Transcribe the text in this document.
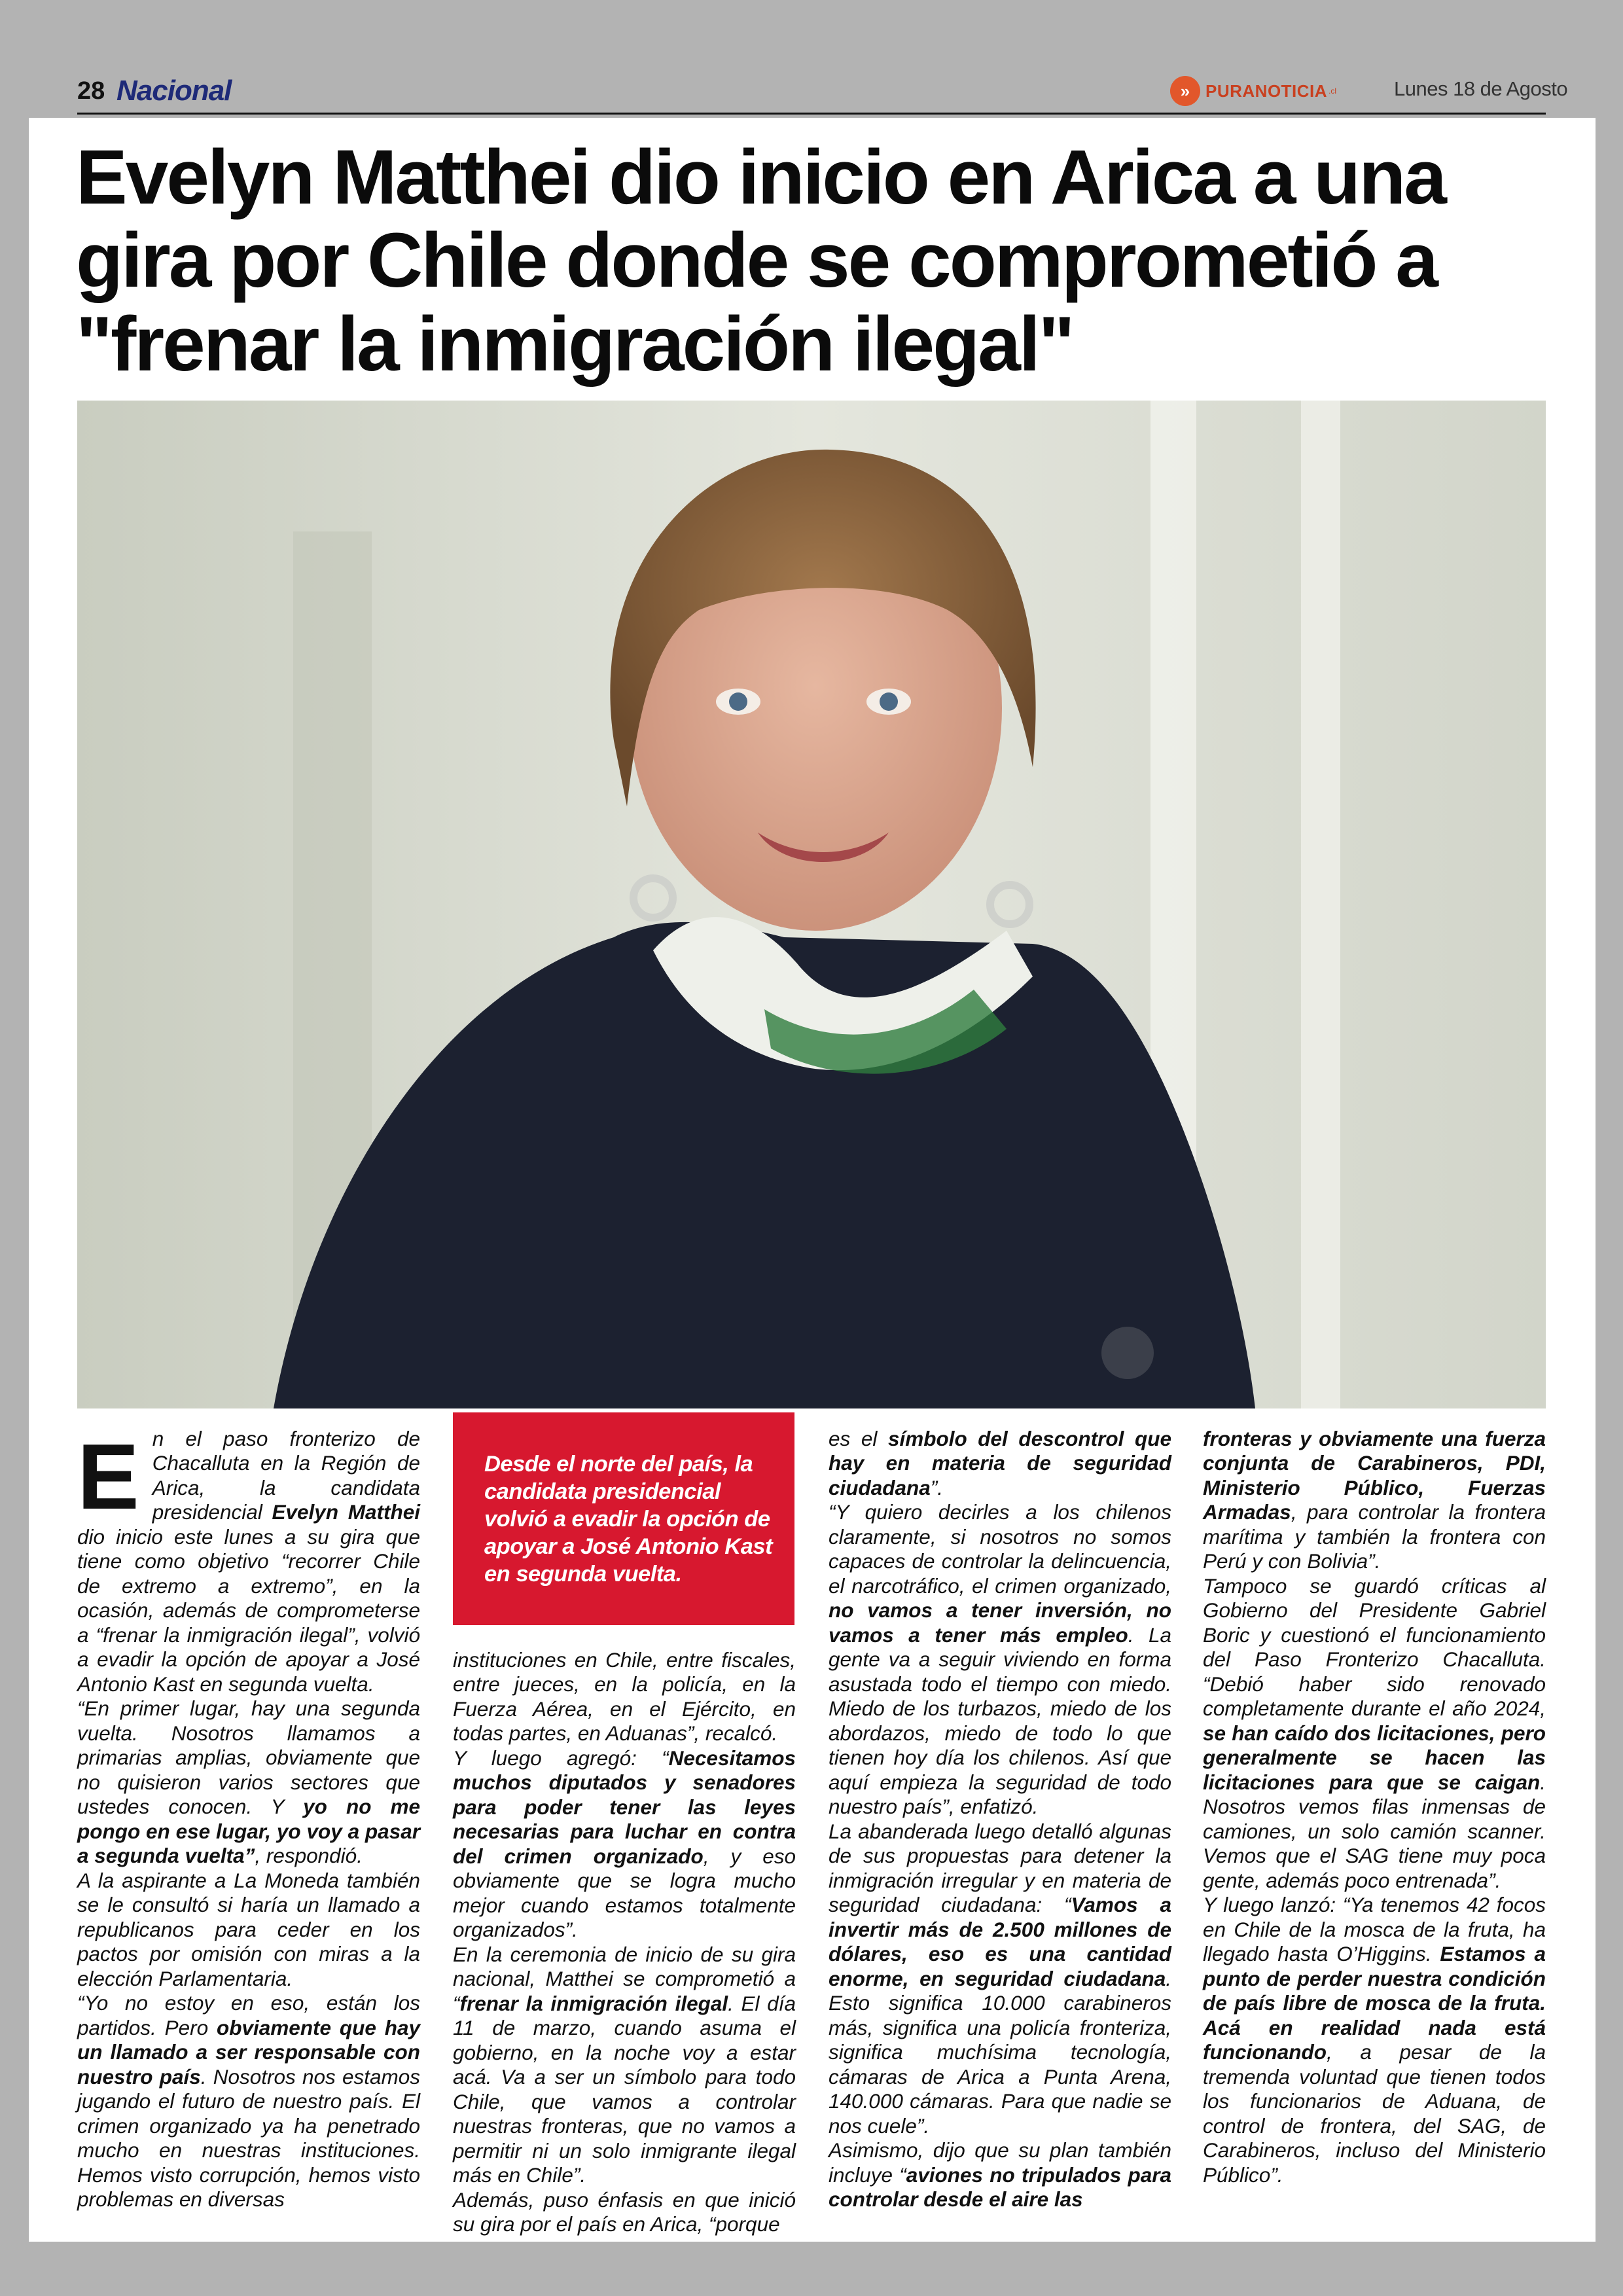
28 Nacional	» PURANOTICIA .cl	Lunes 18 de Agosto
Evelyn Matthei dio inicio en Arica a una gira por Chile donde se comprometió a "frenar la inmigración ilegal"
E n el paso fronterizo de Chacalluta en la Región de Arica, la candidata presidencial Evelyn Matthei dio inicio este lunes a su gira que tiene como objetivo “recorrer Chile de extremo a extremo”, en la ocasión, además de comprometerse a “frenar la inmigración ilegal”, volvió a evadir la opción de apoyar a José Antonio Kast en segunda vuelta.

“En primer lugar, hay una segunda vuelta. Nosotros llamamos a primarias amplias, obviamente que no quisieron varios sectores que ustedes conocen. Y yo no me pongo en ese lugar, yo voy a pasar a segunda vuelta”, respondió.

A la aspirante a La Moneda también se le consultó si haría un llamado a republicanos para ceder en los pactos por omisión con miras a la elección Parlamentaria.

“Yo no estoy en eso, están los partidos. Pero obviamente que hay un llamado a ser responsable con nuestro país. Nosotros nos estamos jugando el futuro de nuestro país. El crimen organizado ya ha penetrado mucho en nuestras instituciones. Hemos visto corrupción, hemos visto problemas en diversas

Desde el norte del país, la candidata presidencial volvió a evadir la opción de apoyar a José Antonio Kast en segunda vuelta.

instituciones en Chile, entre fiscales, entre jueces, en la policía, en la Fuerza Aérea, en el Ejército, en todas partes, en Aduanas”, recalcó.

Y luego agregó: “Necesitamos muchos diputados y senadores para poder tener las leyes necesarias para luchar en contra del crimen organizado, y eso obviamente que se logra mucho mejor cuando estamos totalmente organizados”.

En la ceremonia de inicio de su gira nacional, Matthei se comprometió a “frenar la inmigración ilegal. El día 11 de marzo, cuando asuma el gobierno, en la noche voy a estar acá. Va a ser un símbolo para todo Chile, que vamos a controlar nuestras fronteras, que no vamos a permitir ni un solo inmigrante ilegal más en Chile”.

Además, puso énfasis en que inició su gira por el país en Arica, “porque

es el símbolo del descontrol que hay en materia de seguridad ciudadana”.

“Y quiero decirles a los chilenos claramente, si nosotros no somos capaces de controlar la delincuencia, el narcotráfico, el crimen organizado, no vamos a tener inversión, no vamos a tener más empleo. La gente va a seguir viviendo en forma asustada todo el tiempo con miedo. Miedo de los turbazos, miedo de los abordazos, miedo de todo lo que tienen hoy día los chilenos. Así que aquí empieza la seguridad de todo nuestro país”, enfatizó.

La abanderada luego detalló algunas de sus propuestas para detener la inmigración irregular y en materia de seguridad ciudadana: “Vamos a invertir más de 2.500 millones de dólares, eso es una cantidad enorme, en seguridad ciudadana. Esto significa 10.000 carabineros más, significa una policía fronteriza, significa muchísima tecnología, cámaras de Arica a Punta Arena, 140.000 cámaras. Para que nadie se nos cuele”.

Asimismo, dijo que su plan también incluye “aviones no tripulados para controlar desde el aire las

fronteras y obviamente una fuerza conjunta de Carabineros, PDI, Ministerio Público, Fuerzas Armadas, para controlar la frontera marítima y también la frontera con Perú y con Bolivia”.

Tampoco se guardó críticas al Gobierno del Presidente Gabriel Boric y cuestionó el funcionamiento del Paso Fronterizo Chacalluta. “Debió haber sido renovado completamente durante el año 2024, se han caído dos licitaciones, pero generalmente se hacen las licitaciones para que se caigan. Nosotros vemos filas inmensas de camiones, un solo camión scanner. Vemos que el SAG tiene muy poca gente, además poco entrenada”.

Y luego lanzó: “Ya tenemos 42 focos en Chile de la mosca de la fruta, ha llegado hasta O’Higgins. Estamos a punto de perder nuestra condición de país libre de mosca de la fruta. Acá en realidad nada está funcionando, a pesar de la tremenda voluntad que tienen todos los funcionarios de Aduana, de control de frontera, del SAG, de Carabineros, incluso del Ministerio Público”.
